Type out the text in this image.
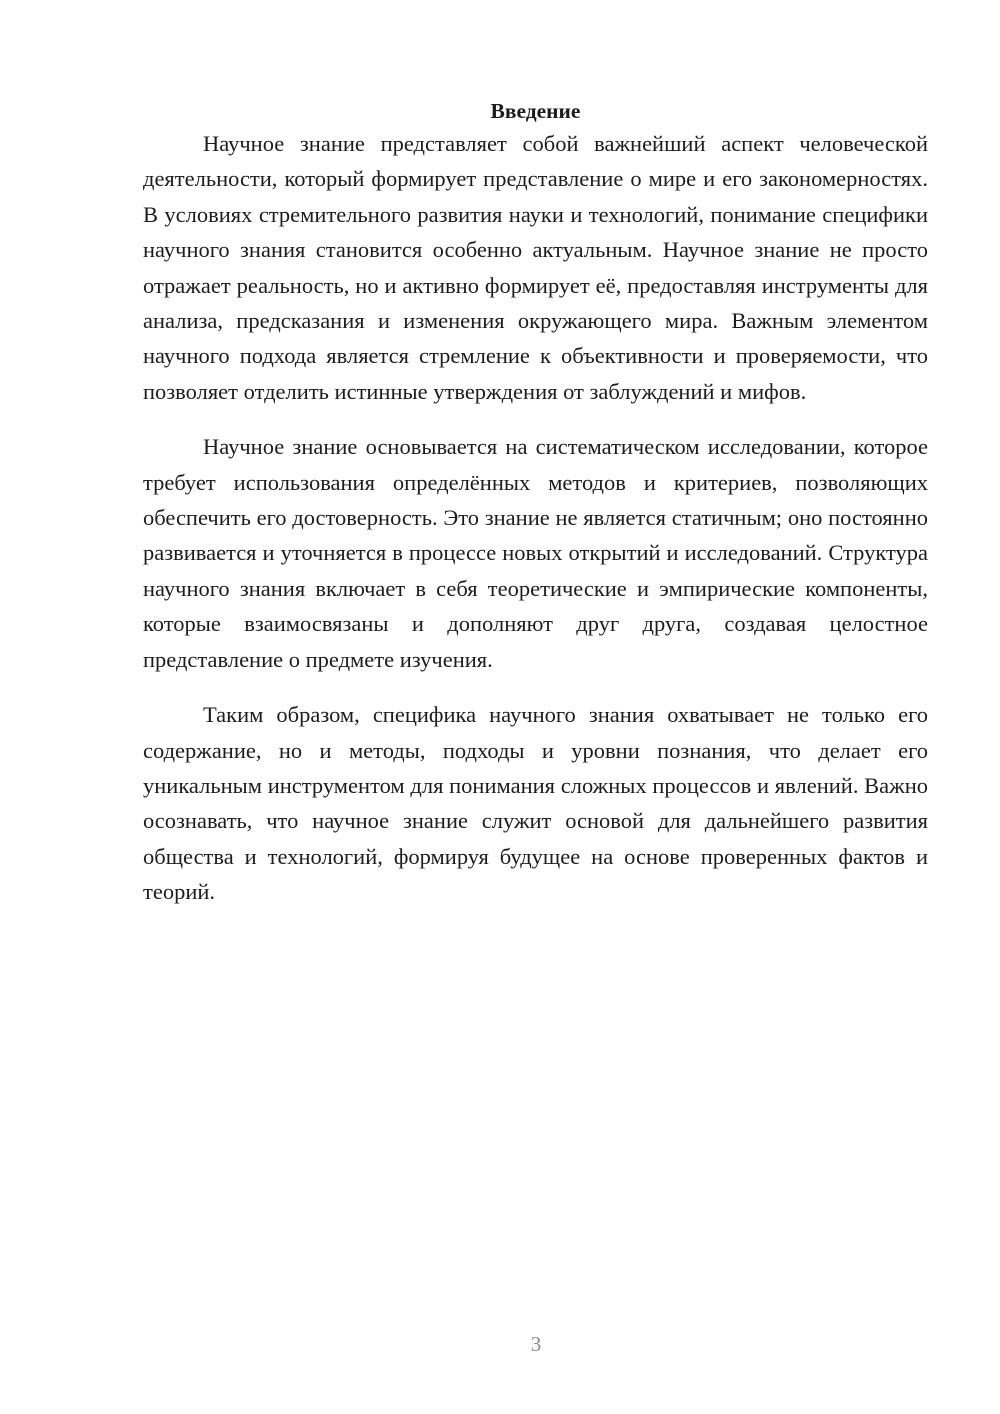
Введение

Научное знание представляет собой важнейший аспект человеческой деятельности, который формирует представление о мире и его закономерностях. В условиях стремительного развития науки и технологий, понимание специфики научного знания становится особенно актуальным. Научное знание не просто отражает реальность, но и активно формирует её, предоставляя инструменты для анализа, предсказания и изменения окружающего мира. Важным элементом научного подхода является стремление к объективности и проверяемости, что позволяет отделить истинные утверждения от заблуждений и мифов.

Научное знание основывается на систематическом исследовании, которое требует использования определённых методов и критериев, позволяющих обеспечить его достоверность. Это знание не является статичным; оно постоянно развивается и уточняется в процессе новых открытий и исследований. Структура научного знания включает в себя теоретические и эмпирические компоненты, которые взаимосвязаны и дополняют друг друга, создавая целостное представление о предмете изучения.

Таким образом, специфика научного знания охватывает не только его содержание, но и методы, подходы и уровни познания, что делает его уникальным инструментом для понимания сложных процессов и явлений. Важно осознавать, что научное знание служит основой для дальнейшего развития общества и технологий, формируя будущее на основе проверенных фактов и теорий.

3
